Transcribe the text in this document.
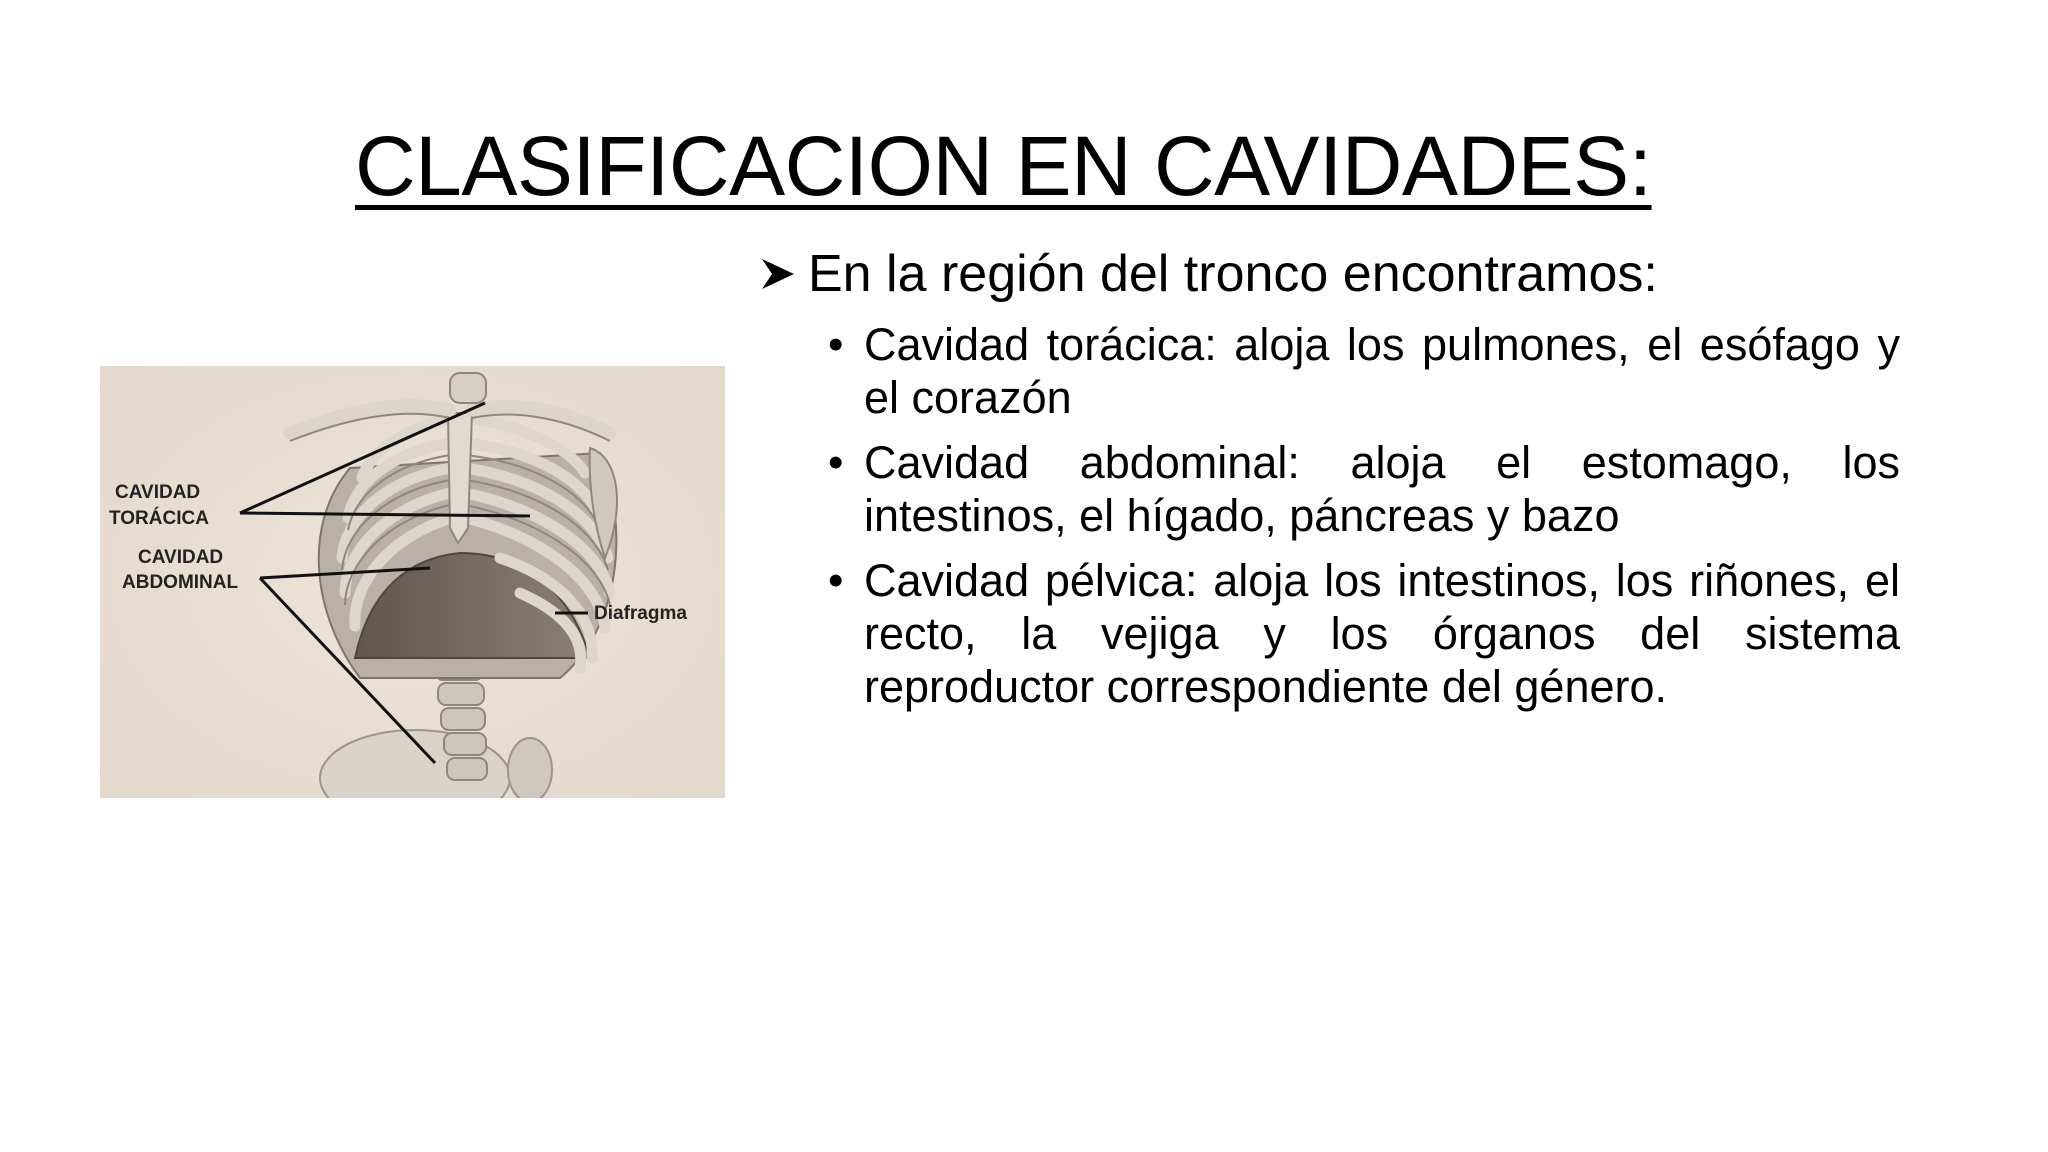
CLASIFICACION EN CAVIDADES:
CAVIDAD
TORÁCICA
CAVIDAD
ABDOMINAL
Diafragma
En la región del tronco encontramos:
• Cavidad torácica: aloja los pulmones, el esófago y el corazón
• Cavidad abdominal: aloja el estomago, los intestinos, el hígado, páncreas y bazo
• Cavidad pélvica: aloja los intestinos, los riñones, el recto, la vejiga y los órganos del sistema reproductor correspondiente del género.
